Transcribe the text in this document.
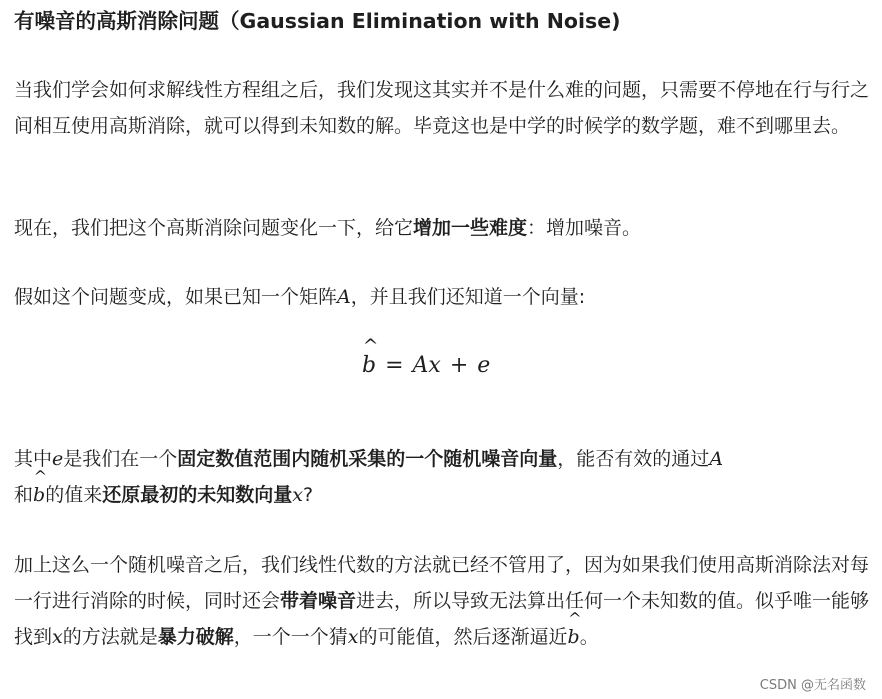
有噪音的高斯消除问题（Gaussian Elimination with Noise)

当我们学会如何求解线性方程组之后，我们发现这其实并不是什么难的问题，只需要不停地在行与行之间相互使用高斯消除，就可以得到未知数的解。毕竟这也是中学的时候学的数学题，难不到哪里去。

现在，我们把这个高斯消除问题变化一下，给它增加一些难度：增加噪音。

假如这个问题变成，如果已知一个矩阵A，并且我们还知道一个向量:

其中e是我们在一个固定数值范围内随机采集的一个随机噪音向量，能否有效的通过A
和b
^
的值来还原最初的未知数向量x?

加上这么一个随机噪音之后，我们线性代数的方法就已经不管用了，因为如果我们使用高斯消除法对每一行进行消除的时候，同时还会带着噪音进去，所以导致无法算出任何一个未知数的值。似乎唯一能够找到x的方法就是暴力破解，一个一个猜x的可能值，然后逐渐逼近b
^
。

b
^
= Ax + e
CSDN @无名函数
